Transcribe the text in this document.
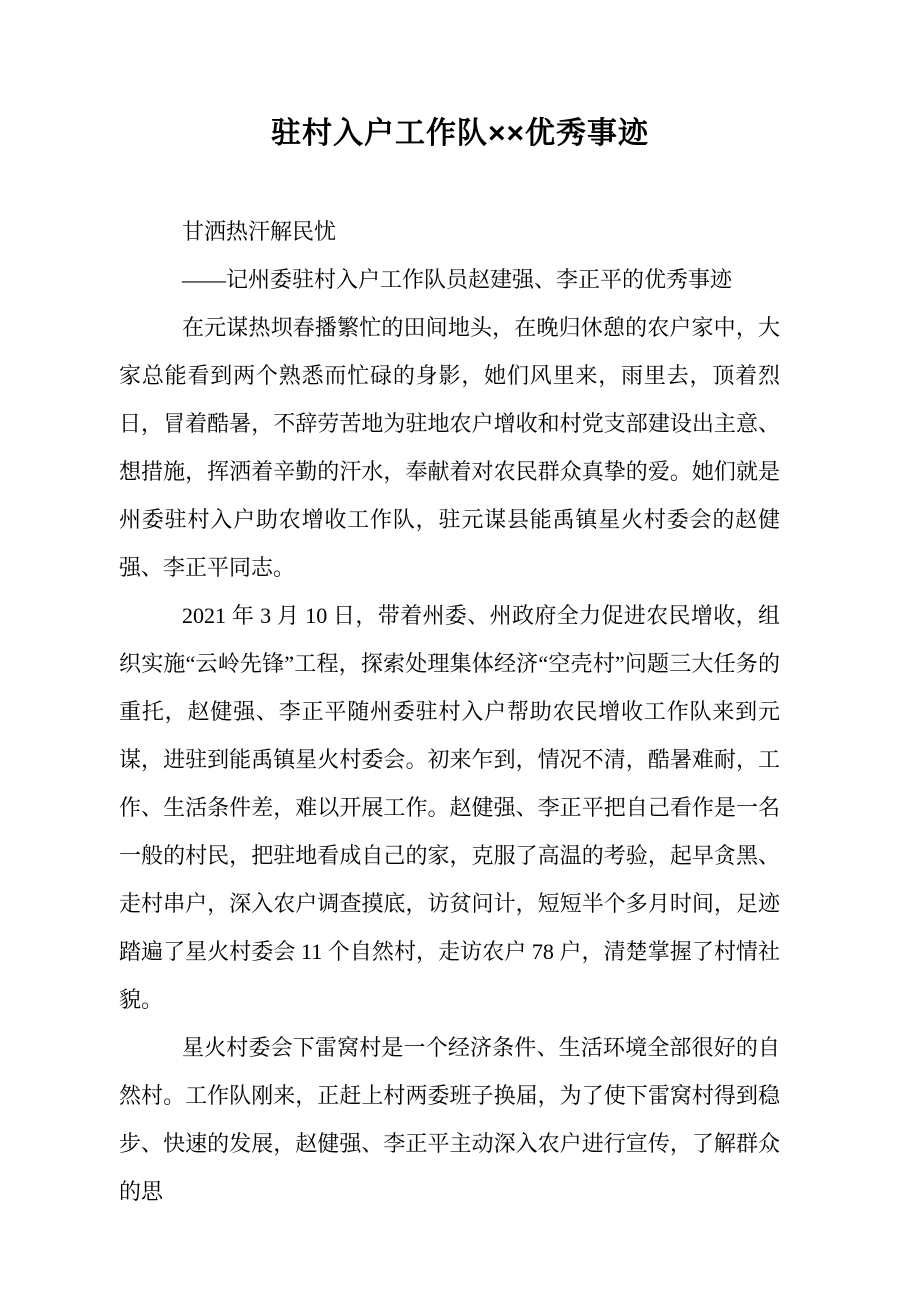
驻村入户工作队××优秀事迹

甘洒热汗解民忧

——记州委驻村入户工作队员赵建强、李正平的优秀事迹

在元谋热坝春播繁忙的田间地头，在晚归休憩的农户家中，大家总能看到两个熟悉而忙碌的身影，她们风里来，雨里去，顶着烈日，冒着酷暑，不辞劳苦地为驻地农户增收和村党支部建设出主意、想措施，挥洒着辛勤的汗水，奉献着对农民群众真挚的爱。她们就是州委驻村入户助农增收工作队，驻元谋县能禹镇星火村委会的赵健强、李正平同志。

2021 年 3 月 10 日，带着州委、州政府全力促进农民增收，组织实施“云岭先锋”工程，探索处理集体经济“空壳村”问题三大任务的重托，赵健强、李正平随州委驻村入户帮助农民增收工作队来到元谋，进驻到能禹镇星火村委会。初来乍到，情况不清，酷暑难耐，工作、生活条件差，难以开展工作。赵健强、李正平把自己看作是一名一般的村民，把驻地看成自己的家，克服了高温的考验，起早贪黑、走村串户，深入农户调查摸底，访贫问计，短短半个多月时间，足迹踏遍了星火村委会 11 个自然村，走访农户 78 户，清楚掌握了村情社貌。

星火村委会下雷窝村是一个经济条件、生活环境全部很好的自然村。工作队刚来，正赶上村两委班子换届，为了使下雷窝村得到稳步、快速的发展，赵健强、李正平主动深入农户进行宣传，了解群众的思
